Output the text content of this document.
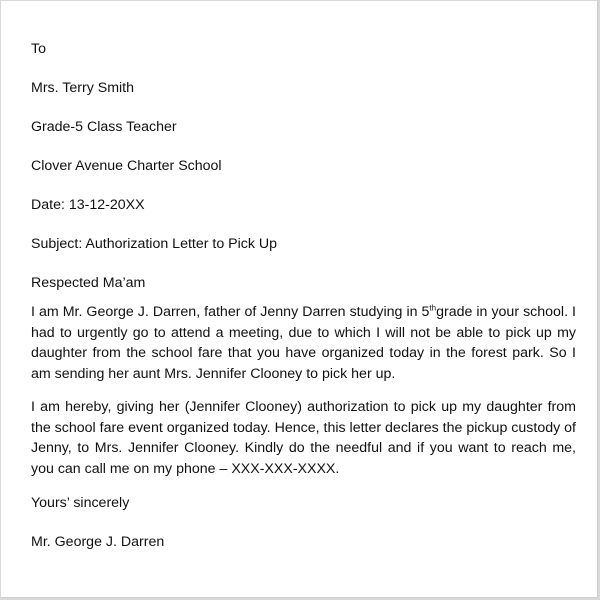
To
Mrs. Terry Smith
Grade-5 Class Teacher
Clover Avenue Charter School
Date: 13-12-20XX
Subject: Authorization Letter to Pick Up
Respected Ma’am

I am Mr. George J. Darren, father of Jenny Darren studying in 5thgrade in your school. I had to urgently go to attend a meeting, due to which I will not be able to pick up my daughter from the school fare that you have organized today in the forest park. So I am sending her aunt Mrs. Jennifer Clooney to pick her up.

I am hereby, giving her (Jennifer Clooney) authorization to pick up my daughter from the school fare event organized today. Hence, this letter declares the pickup custody of Jenny, to Mrs. Jennifer Clooney. Kindly do the needful and if you want to reach me, you can call me on my phone – XXX-XXX-XXXX.

Yours’ sincerely
Mr. George J. Darren
